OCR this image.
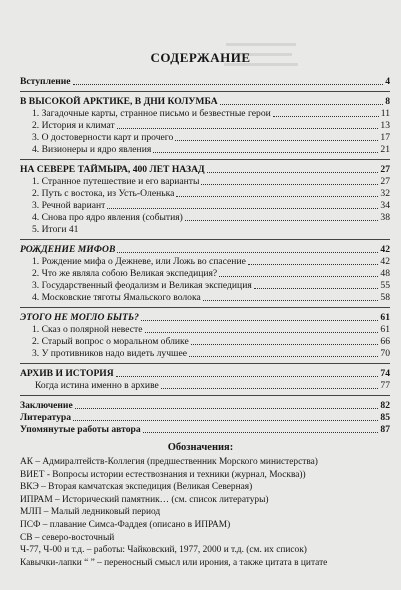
СОДЕРЖАНИЕ
Вступление	4
В ВЫСОКОЙ АРКТИКЕ, В ДНИ КОЛУМБА	8
1. Загадочные карты, странное письмо и безвестные герои	11
2. История и климат	13
3. О достоверности карт и прочего	17
4. Визионеры и ядро явления	21
НА СЕВЕРЕ ТАЙМЫРА, 400 ЛЕТ НАЗАД	27
1. Странное путешествие и его варианты	27
2. Путь с востока, из Усть-Оленька	32
3. Речной вариант	34
4. Снова про ядро явления (события)	38
5. Итоги 41
РОЖДЕНИЕ МИФОВ	42
1. Рождение мифа о Дежневе, или Ложь во спасение	42
2. Что же являла собою Великая экспедиция?	48
3. Государственный феодализм и Великая экспедиция	55
4. Московские тяготы Ямальского волока	58
ЭТОГО НЕ МОГЛО БЫТЬ?	61
1. Сказ о полярной невесте	61
2. Старый вопрос о моральном облике	66
3. У противников надо видеть лучшее	70
АРХИВ И ИСТОРИЯ	74
Когда истина именно в архиве	77
Заключение	82
Литература	85
Упомянутые работы автора	87
Обозначения:
АК – Адмиралтейств-Коллегия (предшественник Морского министерства)
ВИЕТ - Вопросы истории естествознания и техники (журнал, Москва))
ВКЭ – Вторая камчатская экспедиция (Великая Северная)
ИПРАМ – Исторический памятник… (см. список литературы)
МЛП – Малый ледниковый период
ПСФ – плавание Симса-Фаддея (описано в ИПРАМ)
СВ – северо-восточный
Ч-77, Ч-00 и т.д. – работы: Чайковский, 1977, 2000 и т.д. (см. их список)
Кавычки-лапки “ ” – переносный смысл или ирония, а также цитата в цитате
